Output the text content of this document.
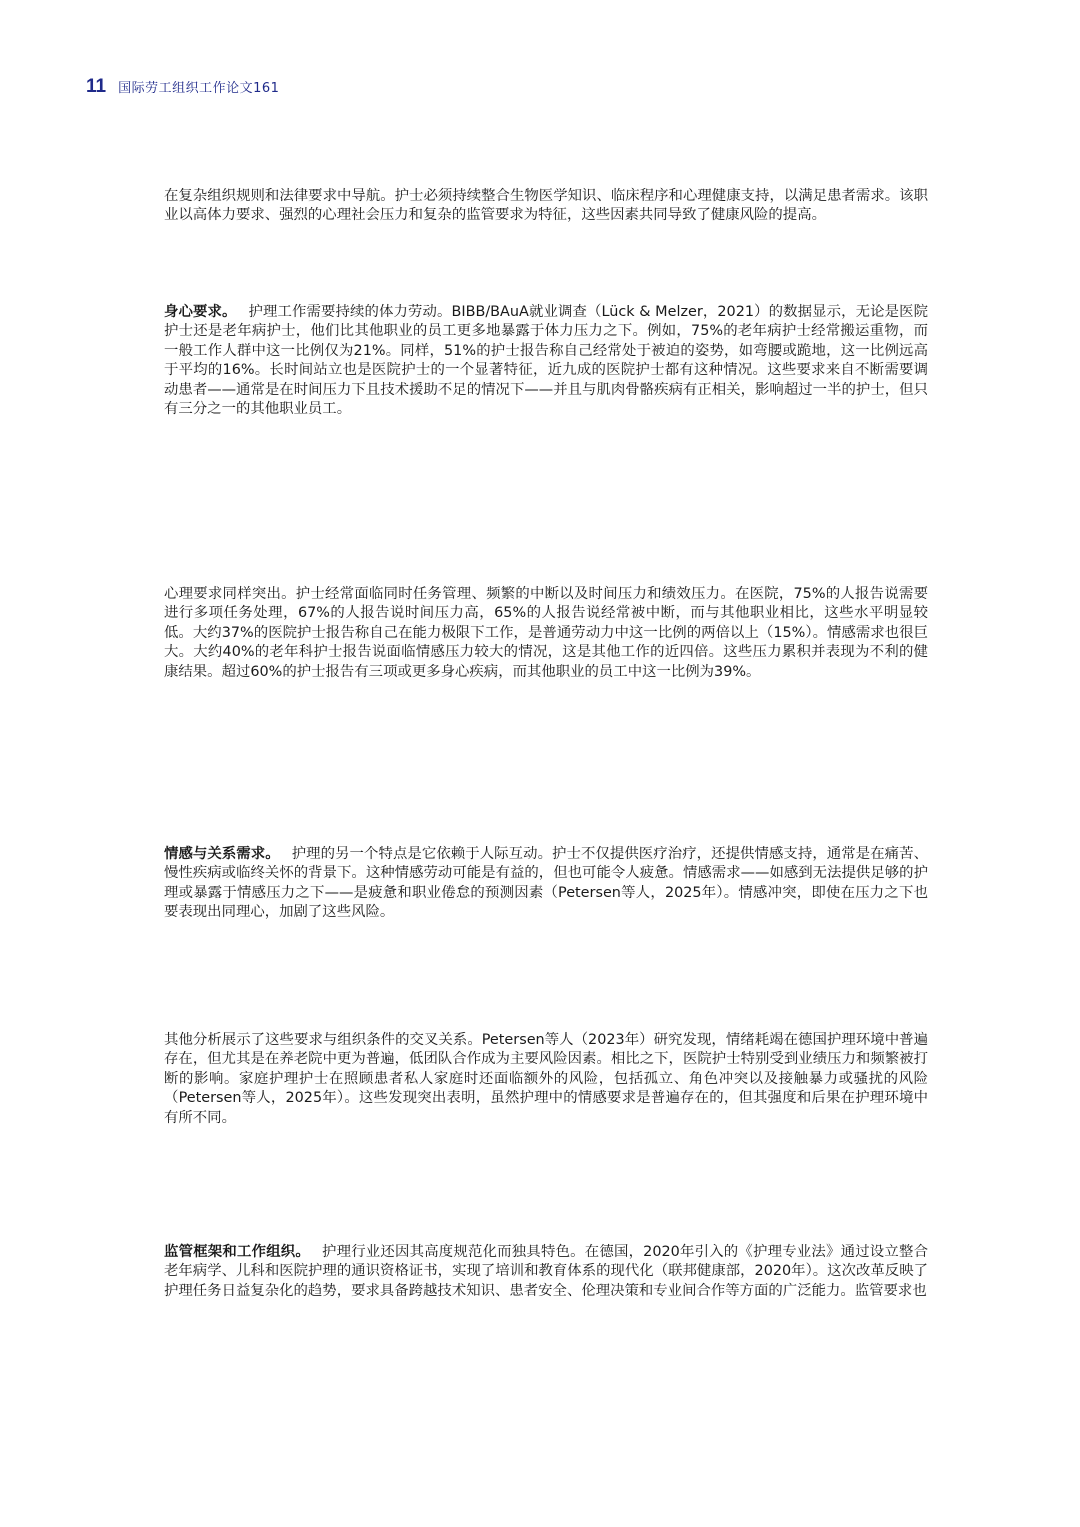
11 国际劳工组织工作论文161

在复杂组织规则和法律要求中导航。护士必须持续整合生物医学知识、临床程序和心理健康支持，以满足患者需求。该职业以高体力要求、强烈的心理社会压力和复杂的监管要求为特征，这些因素共同导致了健康风险的提高。

身心要求。 护理工作需要持续的体力劳动。BIBB/BAuA就业调查（Lück & Melzer，2021）的数据显示，无论是医院护士还是老年病护士，他们比其他职业的员工更多地暴露于体力压力之下。例如，75%的老年病护士经常搬运重物，而一般工作人群中这一比例仅为21%。同样，51%的护士报告称自己经常处于被迫的姿势，如弯腰或跪地，这一比例远高于平均的16%。长时间站立也是医院护士的一个显著特征，近九成的医院护士都有这种情况。这些要求来自不断需要调动患者——通常是在时间压力下且技术援助不足的情况下——并且与肌肉骨骼疾病有正相关，影响超过一半的护士，但只有三分之一的其他职业员工。

心理要求同样突出。护士经常面临同时任务管理、频繁的中断以及时间压力和绩效压力。在医院，75%的人报告说需要进行多项任务处理，67%的人报告说时间压力高，65%的人报告说经常被中断，而与其他职业相比，这些水平明显较低。大约37%的医院护士报告称自己在能力极限下工作，是普通劳动力中这一比例的两倍以上（15%）。情感需求也很巨大。大约40%的老年科护士报告说面临情感压力较大的情况，这是其他工作的近四倍。这些压力累积并表现为不利的健康结果。超过60%的护士报告有三项或更多身心疾病，而其他职业的员工中这一比例为39%。

情感与关系需求。 护理的另一个特点是它依赖于人际互动。护士不仅提供医疗治疗，还提供情感支持，通常是在痛苦、慢性疾病或临终关怀的背景下。这种情感劳动可能是有益的，但也可能令人疲惫。情感需求——如感到无法提供足够的护理或暴露于情感压力之下——是疲惫和职业倦怠的预测因素（Petersen等人，2025年）。情感冲突，即使在压力之下也要表现出同理心，加剧了这些风险。

其他分析展示了这些要求与组织条件的交叉关系。Petersen等人（2023年）研究发现，情绪耗竭在德国护理环境中普遍存在，但尤其是在养老院中更为普遍，低团队合作成为主要风险因素。相比之下，医院护士特别受到业绩压力和频繁被打断的影响。家庭护理护士在照顾患者私人家庭时还面临额外的风险，包括孤立、角色冲突以及接触暴力或骚扰的风险（Petersen等人，2025年）。这些发现突出表明，虽然护理中的情感要求是普遍存在的，但其强度和后果在护理环境中有所不同。

监管框架和工作组织。 护理行业还因其高度规范化而独具特色。在德国，2020年引入的《护理专业法》通过设立整合老年病学、儿科和医院护理的通识资格证书，实现了培训和教育体系的现代化（联邦健康部，2020年）。这次改革反映了护理任务日益复杂化的趋势，要求具备跨越技术知识、患者安全、伦理决策和专业间合作等方面的广泛能力。监管要求也
